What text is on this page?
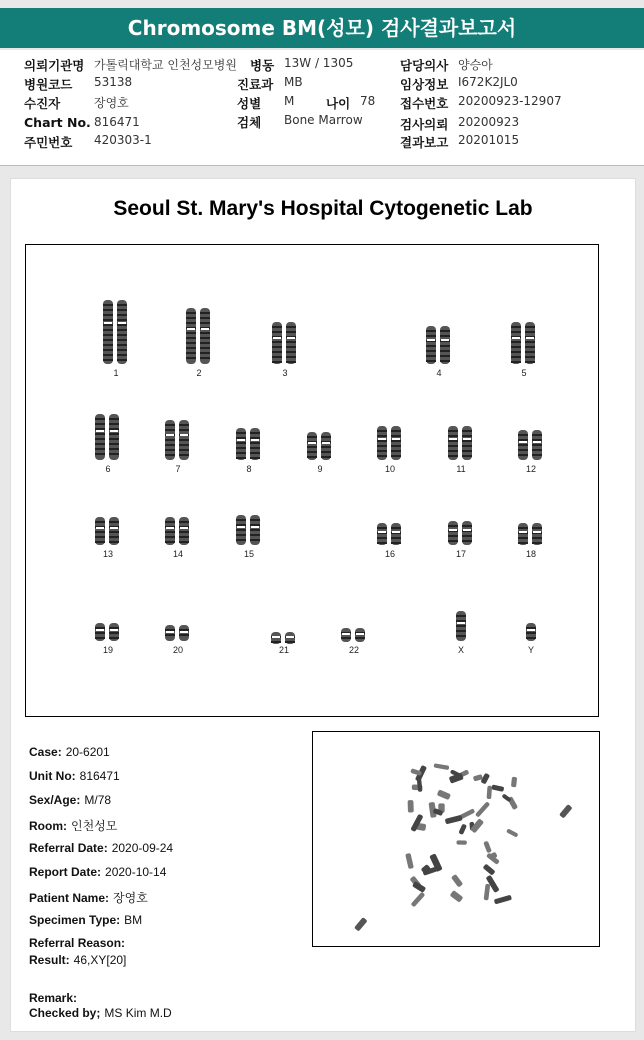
Chromosome BM(성모) 검사결과보고서
의뢰기관명 가톨릭대학교 인천성모병원 병동 13W / 1305	담당의사 양승아
병원코드 53138	진료과 MB	임상정보 I672K2JL0
수진자	장영호	성별 M	나이 78 접수번호 20200923-12907
Chart No. 816471	검체 Bone Marrow	검사의뢰 20200923
주민번호 420303-1	결과보고 20201015
Seoul St. Mary's Hospital Cytogenetic Lab
1	2	3	4	5
6	7	8	9	10	11	12
13	14	15	16	17	18
19	20	21	22	X	Y
Case: 20-6201
Unit No: 816471
Sex/Age: M/78
Room: 인천성모
Referral Date: 2020-09-24
Report Date: 2020-10-14
Patient Name: 장영호
Specimen Type: BM
Referral Reason:
Result: 46,XY[20]
Remark:
Checked by; MS Kim M.D
